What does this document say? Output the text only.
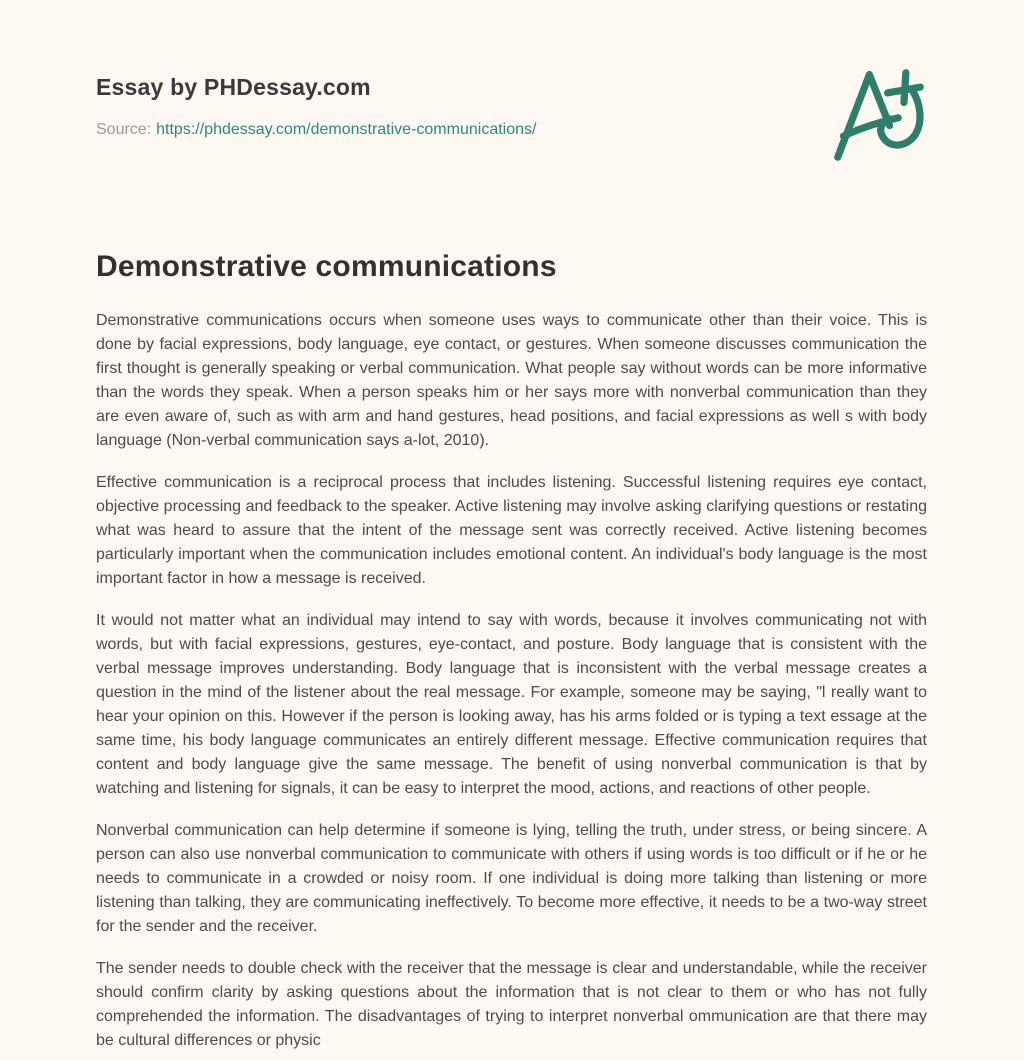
Essay by PHDessay.com
Source: https://phdessay.com/demonstrative-communications/
Demonstrative communications

Demonstrative communications occurs when someone uses ways to communicate other than their voice. This is done by facial expressions, body language, eye contact, or gestures. When someone discusses communication the first thought is generally speaking or verbal communication. What people say without words can be more informative than the words they speak. When a person speaks him or her says more with nonverbal communication than they are even aware of, such as with arm and hand gestures, head positions, and facial expressions as well s with body language (Non-verbal communication says a-lot, 2010).

Effective communication is a reciprocal process that includes listening. Successful listening requires eye contact, objective processing and feedback to the speaker. Active listening may involve asking clarifying questions or restating what was heard to assure that the intent of the message sent was correctly received. Active listening becomes particularly important when the communication includes emotional content. An individual's body language is the most important factor in how a message is received.

It would not matter what an individual may intend to say with words, because it involves communicating not with words, but with facial expressions, gestures, eye-contact, and posture. Body language that is consistent with the verbal message improves understanding. Body language that is inconsistent with the verbal message creates a question in the mind of the listener about the real message. For example, someone may be saying, "l really want to hear your opinion on this. However if the person is looking away, has his arms folded or is typing a text essage at the same time, his body language communicates an entirely different message. Effective communication requires that content and body language give the same message. The benefit of using nonverbal communication is that by watching and listening for signals, it can be easy to interpret the mood, actions, and reactions of other people.

Nonverbal communication can help determine if someone is lying, telling the truth, under stress, or being sincere. A person can also use nonverbal communication to communicate with others if using words is too difficult or if he or he needs to communicate in a crowded or noisy room. If one individual is doing more talking than listening or more listening than talking, they are communicating ineffectively. To become more effective, it needs to be a two-way street for the sender and the receiver.

The sender needs to double check with the receiver that the message is clear and understandable, while the receiver should confirm clarity by asking questions about the information that is not clear to them or who has not fully comprehended the information. The disadvantages of trying to interpret nonverbal ommunication are that there may be cultural differences or physic
